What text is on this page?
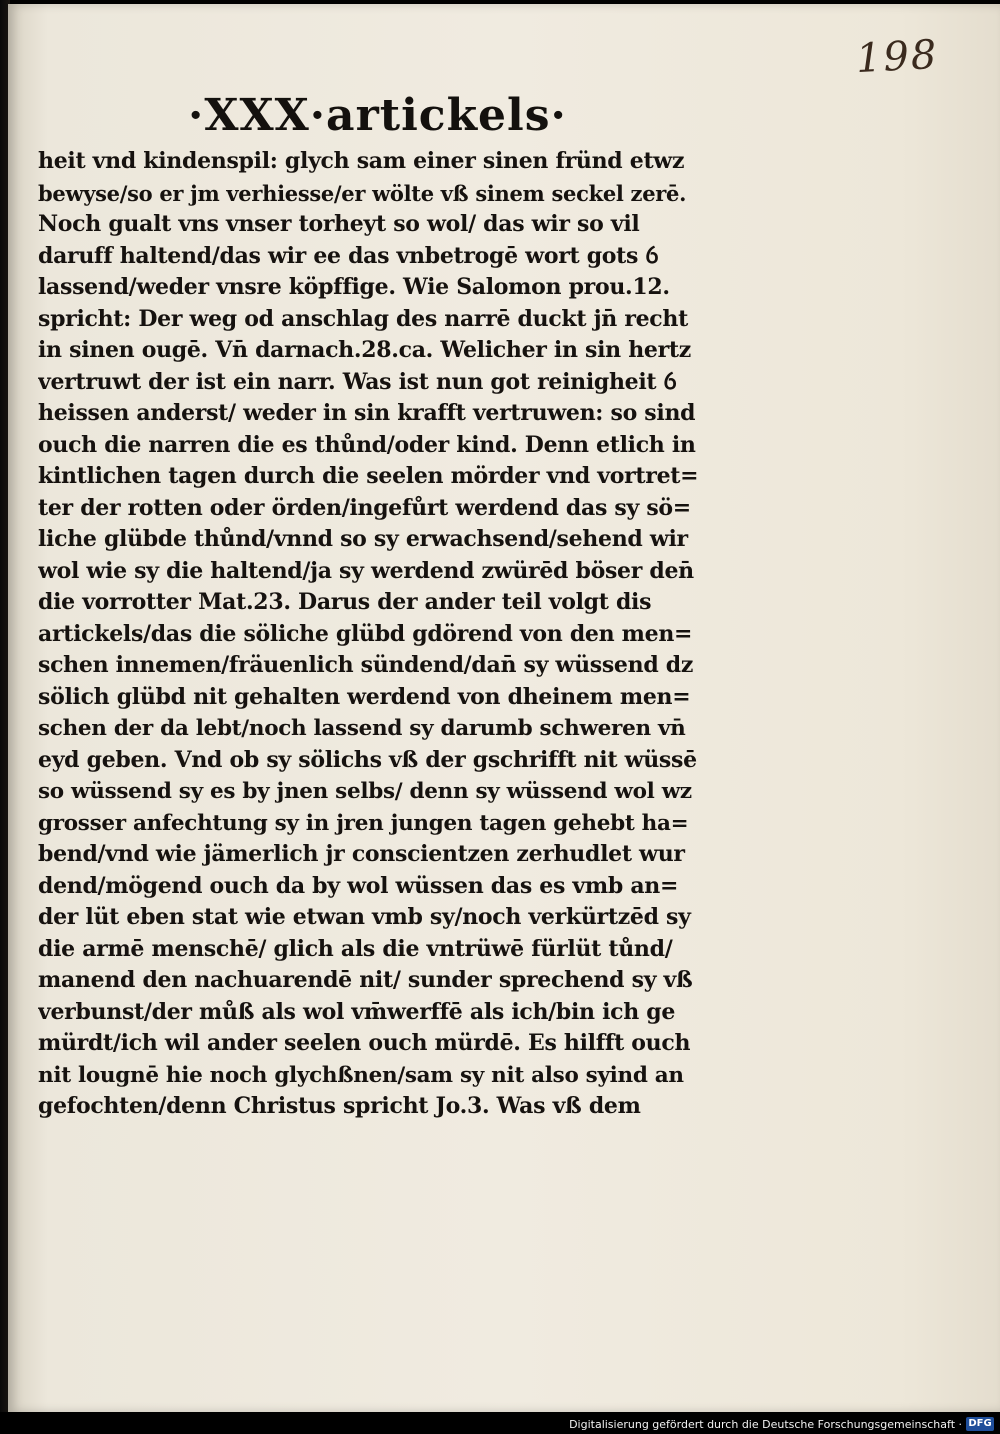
198
·XXX·artickels·
heit vnd kindenspil: glych sam einer sinen fründ etwz
bewyse/so er jm verhiesse/er wölte vß sinem seckel zerē.
Noch gualt vns vnser torheyt so wol/ das wir so vil
daruff haltend/das wir ee das vnbetrogē wort gots ỽ
lassend/weder vnsre köpffige. Wie Salomon prou.12.
spricht: Der weg od anschlag des narrē duckt jn̄ recht
in sinen ougē. Vn̄ darnach.28.ca. Welicher in sin hertz
vertruwt der ist ein narr. Was ist nun got reinigheit ỽ
heissen anderst/ weder in sin krafft vertruwen: so sind
ouch die narren die es thůnd/oder kind. Denn etlich in
kintlichen tagen durch die seelen mörder vnd vortret=
ter der rotten oder örden/ingefůrt werdend das sy sö=
liche glübde thůnd/vnnd so sy erwachsend/sehend wir
wol wie sy die haltend/ja sy werdend zwürēd böser den̄
die vorrotter Mat.23. Darus der ander teil volgt dis
artickels/das die söliche glübd gdörend von den men=
schen innemen/fräuenlich sündend/dan̄ sy wüssend dz
sölich glübd nit gehalten werdend von dheinem men=
schen der da lebt/noch lassend sy darumb schweren vn̄
eyd geben. Vnd ob sy sölichs vß der gschrifft nit wüssē
so wüssend sy es by jnen selbs/ denn sy wüssend wol wz
grosser anfechtung sy in jren jungen tagen gehebt ha=
bend/vnd wie jämerlich jr conscientzen zerhudlet wur
dend/mögend ouch da by wol wüssen das es vmb an=
der lüt eben stat wie etwan vmb sy/noch verkürtzēd sy
die armē menschē/ glich als die vntrüwē fürlüt tůnd/
manend den nachuarendē nit/ sunder sprechend sy vß
verbunst/der můß als wol vm̄werffē als ich/bin ich ge
mürdt/ich wil ander seelen ouch mürdē. Es hilfft ouch
nit lougnē hie noch glychßnen/sam sy nit also syind an
gefochten/denn Christus spricht Jo.3. Was vß dem
Digitalisierung gefördert durch die Deutsche Forschungsgemeinschaft · DFG
